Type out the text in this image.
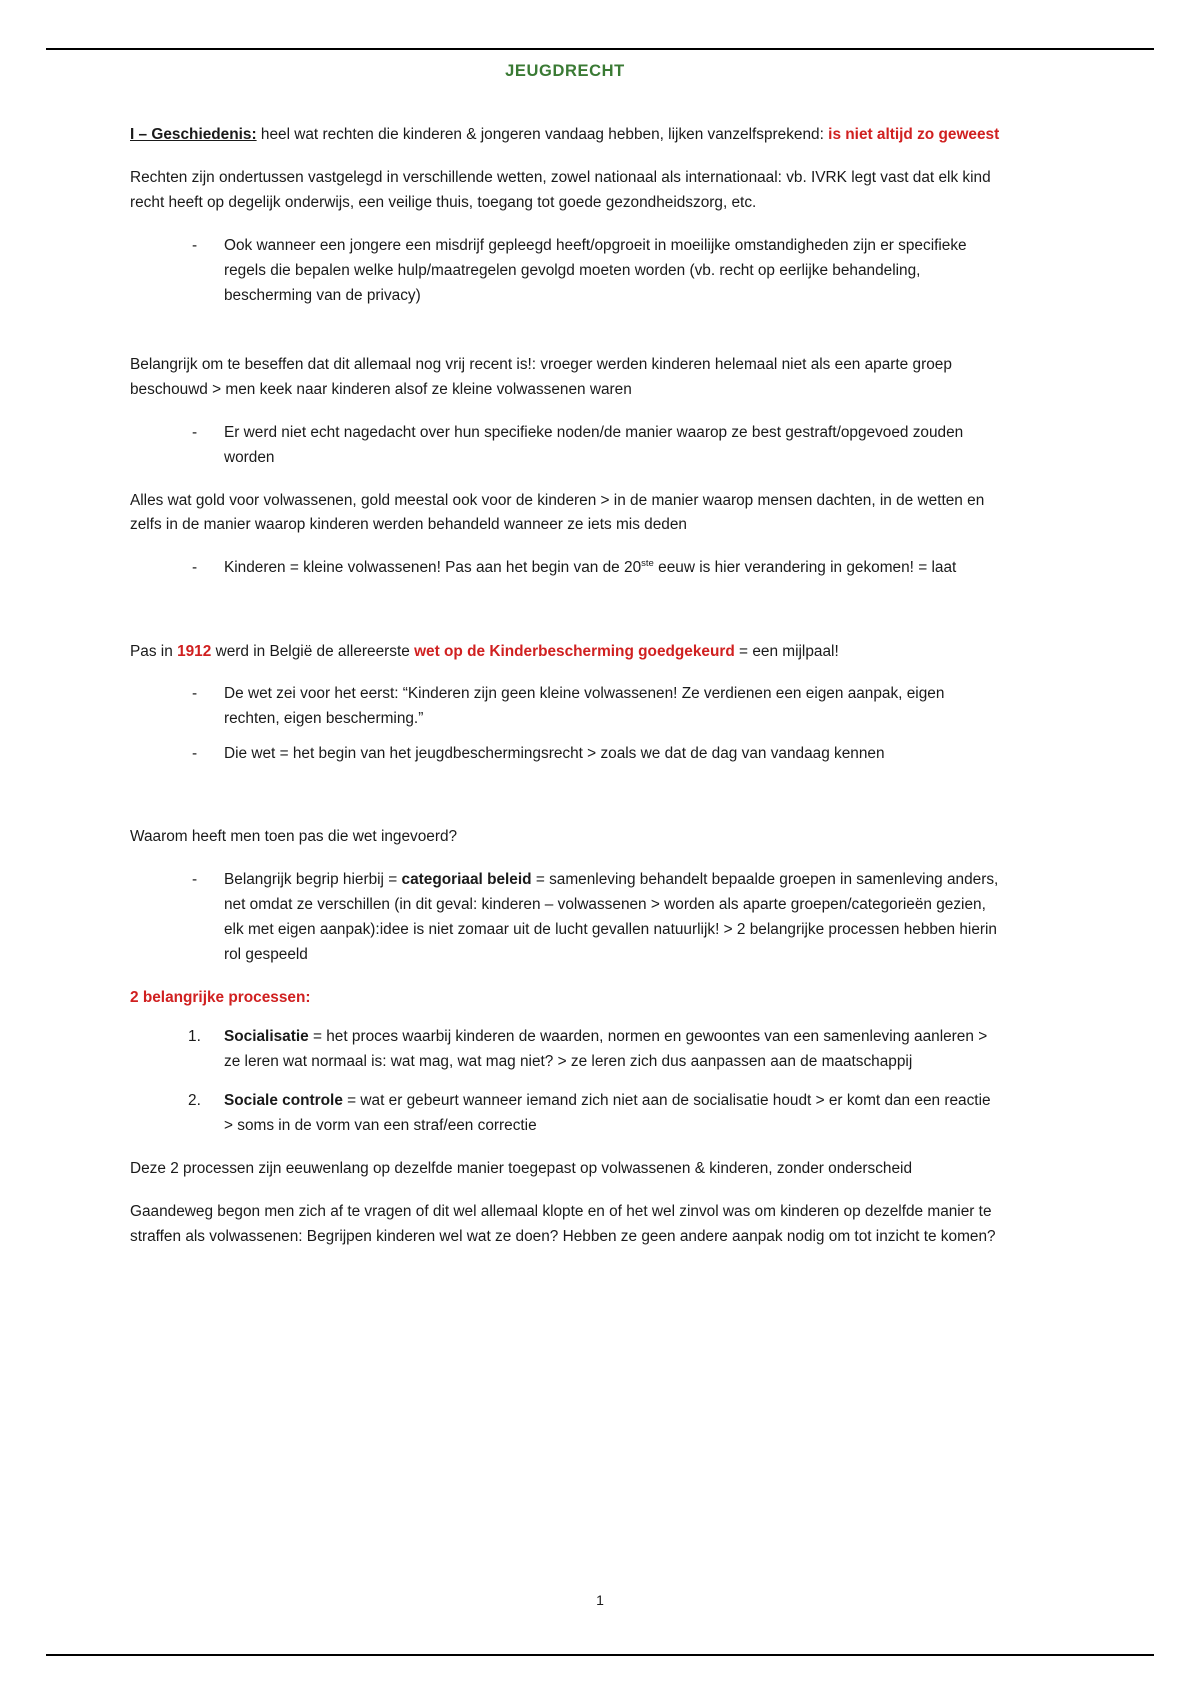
JEUGDRECHT

I – Geschiedenis: heel wat rechten die kinderen & jongeren vandaag hebben, lijken vanzelfsprekend: is niet altijd zo geweest

Rechten zijn ondertussen vastgelegd in verschillende wetten, zowel nationaal als internationaal: vb. IVRK legt vast dat elk kind recht heeft op degelijk onderwijs, een veilige thuis, toegang tot goede gezondheidszorg, etc.

- Ook wanneer een jongere een misdrijf gepleegd heeft/opgroeit in moeilijke omstandigheden zijn er specifieke regels die bepalen welke hulp/maatregelen gevolgd moeten worden (vb. recht op eerlijke behandeling, bescherming van de privacy)

Belangrijk om te beseffen dat dit allemaal nog vrij recent is!: vroeger werden kinderen helemaal niet als een aparte groep beschouwd > men keek naar kinderen alsof ze kleine volwassenen waren

- Er werd niet echt nagedacht over hun specifieke noden/de manier waarop ze best gestraft/opgevoed zouden worden

Alles wat gold voor volwassenen, gold meestal ook voor de kinderen > in de manier waarop mensen dachten, in de wetten en zelfs in de manier waarop kinderen werden behandeld wanneer ze iets mis deden

- Kinderen = kleine volwassenen! Pas aan het begin van de 20ste eeuw is hier verandering in gekomen! = laat

Pas in 1912 werd in België de allereerste wet op de Kinderbescherming goedgekeurd = een mijlpaal!

- De wet zei voor het eerst: “Kinderen zijn geen kleine volwassenen! Ze verdienen een eigen aanpak, eigen rechten, eigen bescherming.”
- Die wet = het begin van het jeugdbeschermingsrecht > zoals we dat de dag van vandaag kennen

Waarom heeft men toen pas die wet ingevoerd?

- Belangrijk begrip hierbij = categoriaal beleid = samenleving behandelt bepaalde groepen in samenleving anders, net omdat ze verschillen (in dit geval: kinderen – volwassenen > worden als aparte groepen/categorieën gezien, elk met eigen aanpak):idee is niet zomaar uit de lucht gevallen natuurlijk! > 2 belangrijke processen hebben hierin rol gespeeld

2 belangrijke processen:

Socialisatie = het proces waarbij kinderen de waarden, normen en gewoontes van een samenleving aanleren > ze leren wat normaal is: wat mag, wat mag niet? > ze leren zich dus aanpassen aan de maatschappij
Sociale controle = wat er gebeurt wanneer iemand zich niet aan de socialisatie houdt > er komt dan een reactie > soms in de vorm van een straf/een correctie

Deze 2 processen zijn eeuwenlang op dezelfde manier toegepast op volwassenen & kinderen, zonder onderscheid

Gaandeweg begon men zich af te vragen of dit wel allemaal klopte en of het wel zinvol was om kinderen op dezelfde manier te straffen als volwassenen: Begrijpen kinderen wel wat ze doen? Hebben ze geen andere aanpak nodig om tot inzicht te komen?

1
